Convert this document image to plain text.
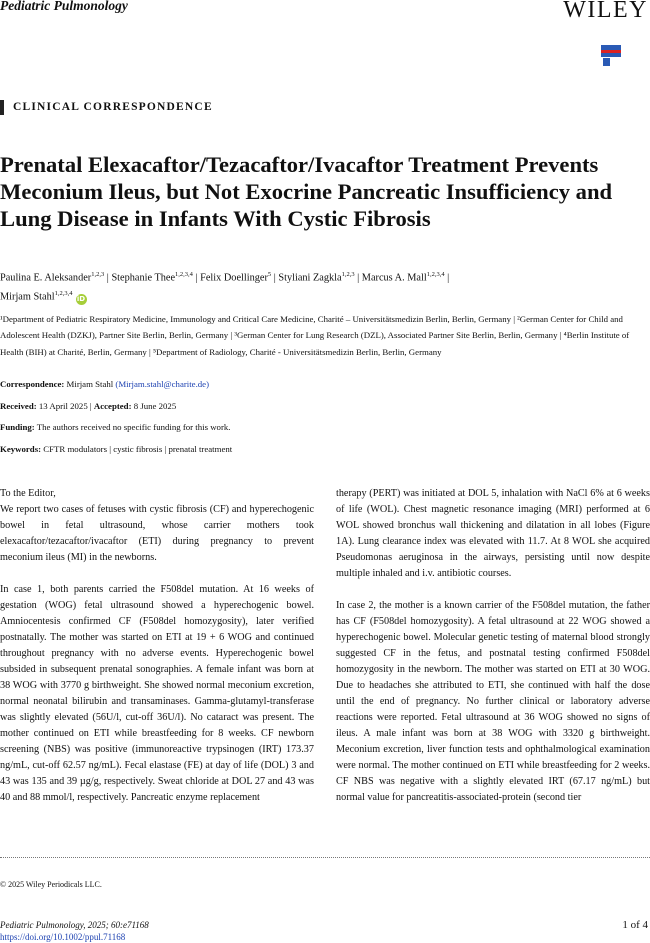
Pediatric Pulmonology	WILEY
CLINICAL CORRESPONDENCE
Prenatal Elexacaftor/Tezacaftor/Ivacaftor Treatment Prevents Meconium Ileus, but Not Exocrine Pancreatic Insufficiency and Lung Disease in Infants With Cystic Fibrosis
Paulina E. Aleksander$^{1,2,3}$ | Stephanie Thee$^{1,2,3,4}$ | Felix Doellinger$^5$ | Styliani Zagkla$^{1,2,3}$ | Marcus A. Mall$^{1,2,3,4}$ |
Mirjam Stahl$^{1,2,3,4}$iD
¹Department of Pediatric Respiratory Medicine, Immunology and Critical Care Medicine, Charité – Universitätsmedizin Berlin, Berlin, Germany | ²German Center for Child and Adolescent Health (DZKJ), Partner Site Berlin, Berlin, Germany | ³German Center for Lung Research (DZL), Associated Partner Site Berlin, Berlin, Germany | ⁴Berlin Institute of Health (BIH) at Charité, Berlin, Germany | ⁵Department of Radiology, Charité - Universitätsmedizin Berlin, Berlin, Germany
Correspondence: Mirjam Stahl (Mirjam.stahl@charite.de)
Received: 13 April 2025 | Accepted: 8 June 2025
Funding: The authors received no specific funding for this work.
Keywords: CFTR modulators | cystic fibrosis | prenatal treatment

To the Editor,
We report two cases of fetuses with cystic fibrosis (CF) and hyperechogenic bowel in fetal ultrasound, whose carrier mothers took elexacaftor/tezacaftor/ivacaftor (ETI) during pregnancy to prevent meconium ileus (MI) in the newborns.

In case 1, both parents carried the F508del mutation. At 16 weeks of gestation (WOG) fetal ultrasound showed a hyperechogenic bowel. Amniocentesis confirmed CF (F508del homozygosity), later verified postnatally. The mother was started on ETI at 19 + 6 WOG and continued throughout pregnancy with no adverse events. Hyperechogenic bowel subsided in subsequent prenatal sonographies. A female infant was born at 38 WOG with 3770 g birthweight. She showed normal meconium excretion, normal neonatal bilirubin and transaminases. Gamma-glutamyl-transferase was slightly elevated (56U/l, cut-off 36U/l). No cataract was present. The mother continued on ETI while breastfeeding for 8 weeks. CF newborn screening (NBS) was positive (immunoreactive trypsinogen (IRT) 173.37 ng/mL, cut-off 62.57 ng/mL). Fecal elastase (FE) at day of life (DOL) 3 and 43 was 135 and 39 µg/g, respectively. Sweat chloride at DOL 27 and 43 was 40 and 88 mmol/l, respectively. Pancreatic enzyme replacement

therapy (PERT) was initiated at DOL 5, inhalation with NaCl 6% at 6 weeks of life (WOL). Chest magnetic resonance imaging (MRI) performed at 6 WOL showed bronchus wall thickening and dilatation in all lobes (Figure 1A). Lung clearance index was elevated with 11.7. At 8 WOL she acquired Pseudomonas aeruginosa in the airways, persisting until now despite multiple inhaled and i.v. antibiotic courses.

In case 2, the mother is a known carrier of the F508del mutation, the father has CF (F508del homozygosity). A fetal ultrasound at 22 WOG showed a hyperechogenic bowel. Molecular genetic testing of maternal blood strongly suggested CF in the fetus, and postnatal testing confirmed F508del homozygosity in the newborn. The mother was started on ETI at 30 WOG. Due to headaches she attributed to ETI, she continued with half the dose until the end of pregnancy. No further clinical or laboratory adverse reactions were reported. Fetal ultrasound at 36 WOG showed no signs of ileus. A male infant was born at 38 WOG with 3320 g birthweight. Meconium excretion, liver function tests and ophthalmological examination were normal. The mother continued on ETI while breastfeeding for 2 weeks. CF NBS was negative with a slightly elevated IRT (67.17 ng/mL) but normal value for pancreatitis-associated-protein (second tier

© 2025 Wiley Periodicals LLC.
Pediatric Pulmonology, 2025; 60:e71168
https://doi.org/10.1002/ppul.71168
1 of 4
